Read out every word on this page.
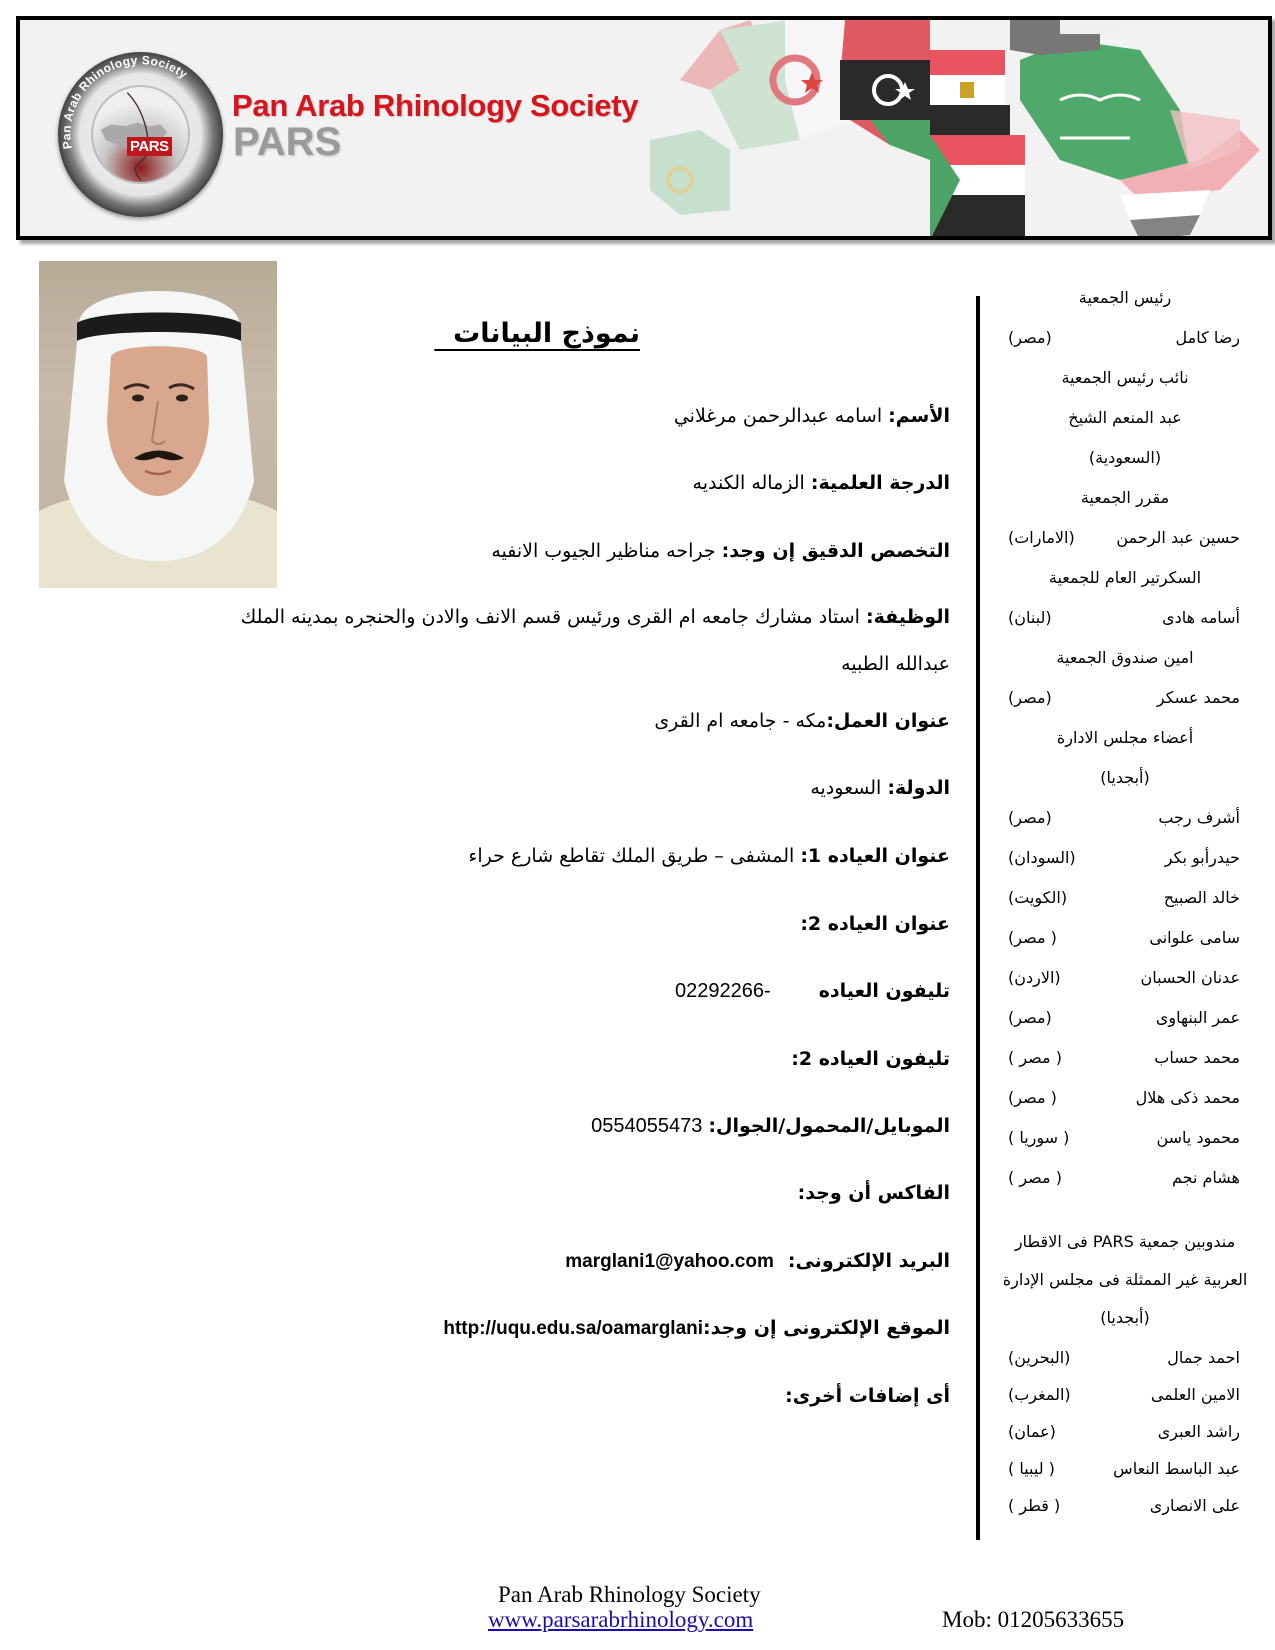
PARS
Pan Arab Rhinology Society
Pan Arab Rhinology Society
PARS
نموذج البيانات
الأسم: اسامه عبدالرحمن مرغلاني
الدرجة العلمية: الزماله الكنديه
التخصص الدقيق إن وجد: جراحه مناظير الجيوب الانفيه
الوظيفة: استاد مشارك جامعه ام القرى ورئيس قسم الانف والادن والحنجره بمدينه الملك عبدالله الطبيه
عنوان العمل:مكه - جامعه ام القرى
الدولة: السعوديه
عنوان العياده 1: المشفى – طريق الملك تقاطع شارع حراء
عنوان العياده 2:
تليفون العياده02292266-
تليفون العياده 2:
الموبايل/المحمول/الجوال: 0554055473
الفاكس أن وجد:
البريد الإلكترونى:marglani1@yahoo.com
الموقع الإلكترونى إن وجد:http://uqu.edu.sa/oamarglani
أى إضافات أخرى:
رئيس الجمعية
رضا كامل
(مصر)
نائب رئيس الجمعية
عبد المنعم الشيخ
(السعودية)
مقرر الجمعية
حسين عبد الرحمن
(الامارات)
السكرتير العام للجمعية
أسامه هادى
(لبنان)
امين صندوق الجمعية
محمد عسكر
(مصر)
أعضاء مجلس الادارة
(أبجديا)
أشرف رجب
(مصر)
حيدرأبو بكر
(السودان)
خالد الصبيح
(الكويت)
سامى علوانى
( مصر)
عدنان الحسبان
(الاردن)
عمر البنهاوى
(مصر)
محمد حساب
( مصر )
محمد ذكى هلال
( مصر)
محمود ياسن
( سوريا )
هشام نجم
( مصر )
مندوبين جمعية PARS فى الاقطار
العربية غير الممثلة فى مجلس الإدارة
(أبجديا)
احمد جمال
(البحرين)
الامين العلمى
(المغرب)
راشد العبرى
(عمان)
عبد الباسط النعاس
( ليبيا )
على الانصارى
( قطر )
Pan Arab Rhinology Society
www.parsarabrhinology.com	Mob: 01205633655
